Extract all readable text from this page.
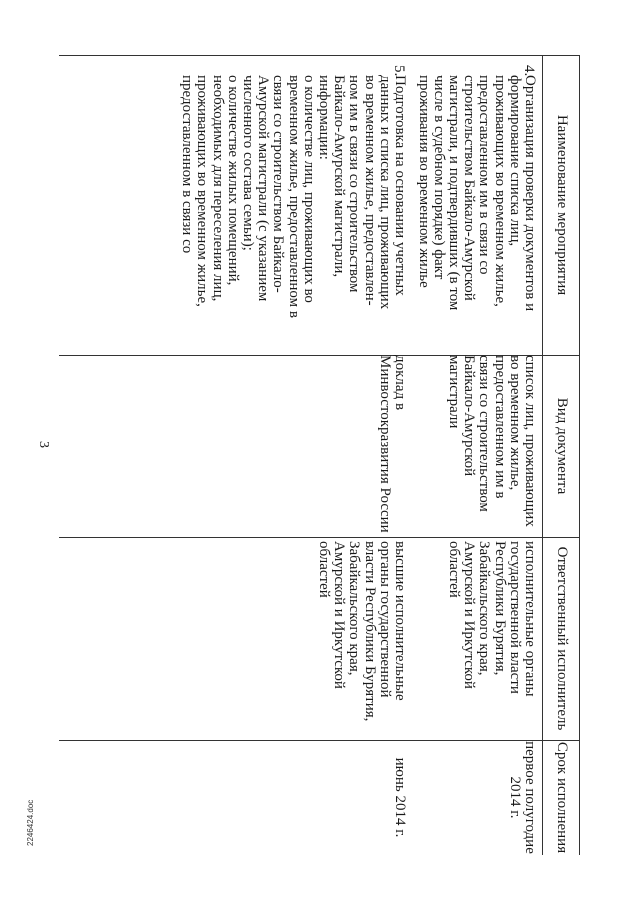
3
Наименование мероприятия
Вид документа
Ответственный исполнитель
Срок исполнения
4.
Организация проверки документов и
формирование списка лиц,
проживающих во временном жилье,
предоставленном им в связи со
строительством Байкало-Амурской
магистрали, и подтвердивших (в том
числе в судебном порядке) факт
проживания во временном жилье
список лиц, проживающих
во временном жилье,
предоставленном им в
связи со строительством
Байкало-Амурской
магистрали
исполнительные органы
государственной власти
Республики Бурятия,
Забайкальского края,
Амурской и Иркутской
областей
первое полугодие
2014 г.
5.
Подготовка на основании учетных
данных и списка лиц, проживающих
во временном жилье, предоставлен-
ном им в связи со строительством
Байкало-Амурской магистрали,
информации:
о количестве лиц, проживающих во
временном жилье, предоставленном в
связи со строительством Байкало-
Амурской магистрали (с указанием
численного состава семьи);
о количестве жилых помещений,
необходимых для переселения лиц,
проживающих во временном жилье,
предоставленном в связи со
доклад в
Минвостокразвития России
высшие исполнительные
органы государственной
власти Республики Бурятия,
Забайкальского края,
Амурской и Иркутской
областей
июнь 2014 г.
2246424.doc
